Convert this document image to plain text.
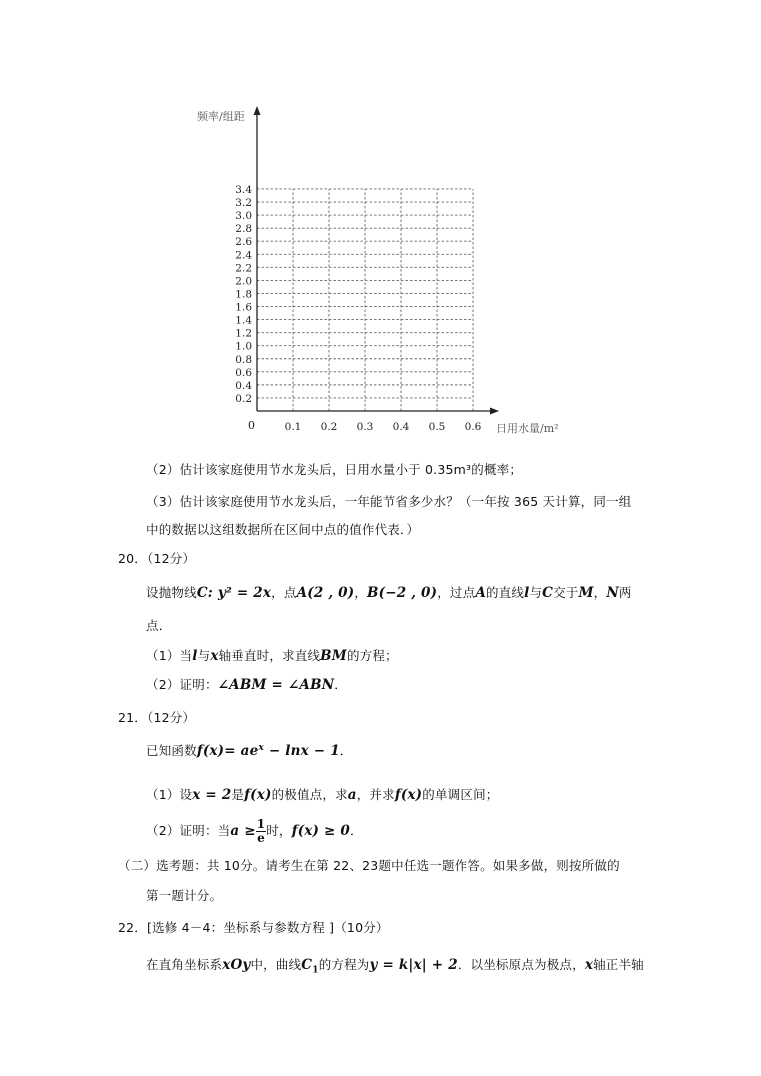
频率/组距
日用水量/m²
0
0.2
0.4
0.6
0.8
1.0
1.2
1.4
1.6
1.8
2.0
2.2
2.4
2.6
2.8
3.0
3.2
3.4
0.1 0.2 0.3 0.4 0.5 0.6
（2）估计该家庭使用节水龙头后，日用水量小于 0.35m³的概率；
（3）估计该家庭使用节水龙头后，一年能节省多少水？（一年按 365 天计算，同一组
中的数据以这组数据所在区间中点的值作代表．）
20．（12分）
设抛物线C: y² = 2x，点A(2 , 0)，B(−2 , 0)，过点A的直线l与C交于M，N两
点．
（1）当l与x轴垂直时，求直线BM的方程；
（2）证明：∠ABM = ∠ABN．
21．（12分）
已知函数$f(x)= ae^x - \ln x - 1$．
（1）设x = 2是f(x)的极值点，求a，并求f(x)的单调区间；
（2）证明：当$a \ge \frac{1}{e}$ 时，f(x) ≥ 0．
（二）选考题：共 10分。请考生在第 22、23题中任选一题作答。如果多做，则按所做的
第一题计分。
22．[选修 4－4：坐标系与参数方程 ]（10分）
在直角坐标系xOy中，曲线$C_1$的方程为y = k|x| + 2．以坐标原点为极点，x轴正半轴
